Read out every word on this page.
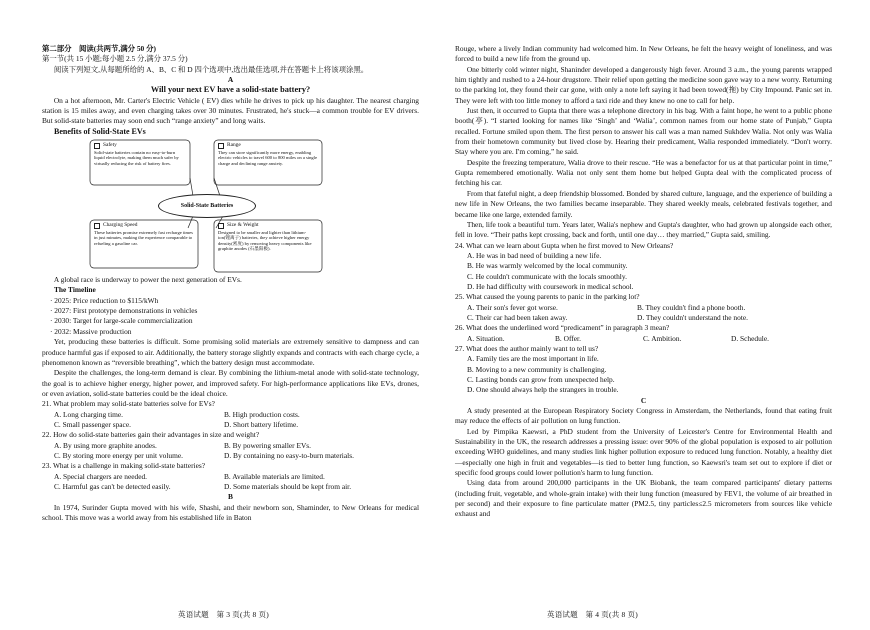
第二部分　阅读(共两节,满分 50 分)

第一节(共 15 小题;每小题 2.5 分,满分 37.5 分)

阅读下列短文,从每题所给的 A、B、C 和 D 四个选项中,选出最佳选项,并在答题卡上将该项涂黑。

A

Will your next EV have a solid-state battery?

On a hot afternoon, Mr. Carter's Electric Vehicle ( EV) dies while he drives to pick up his daughter. The nearest charging station is 15 miles away, and even charging takes over 30 minutes. Frustrated, he's stuck—a common trouble for EV drivers. But solid-state batteries may soon end such “range anxiety” and long waits.

Benefits of Solid-State EVs

Safety
Solid-state batteries contain no easy-to-burn liquid electrolyte, making them much safer by virtually reducing the risk of battery fires.
Range
They can store significantly more energy, enabling electric vehicles to travel 600 to 800 miles on a single charge and declining range anxiety.
Solid-State Batteries
Charging Speed
These batteries promise extremely fast recharge times in just minutes, making the experience comparable to refueling a gasoline car.
Size & Weight
Designed to be smaller and lighter than lithium-ion(锂离子) batteries, they achieve higher energy density(密度) by removing heavy components like graphite anodes (石墨阳极).

A global race is underway to power the next generation of EVs.

The Timeline

· 2025: Price reduction to $115/kWh

· 2027: First prototype demonstrations in vehicles

· 2030: Target for large-scale commercialization

· 2032: Massive production

Yet, producing these batteries is difficult. Some promising solid materials are extremely sensitive to dampness and can produce harmful gas if exposed to air. Additionally, the battery storage slightly expands and contracts with each charge cycle, a phenomenon known as “reversible breathing”, which the battery design must accommodate.

Despite the challenges, the long-term demand is clear. By combining the lithium-metal anode with solid-state technology, the goal is to achieve higher energy, higher power, and improved safety. For high-performance applications like EVs, drones, or even aviation, solid-state batteries could be the ideal choice.

21. What problem may solid-state batteries solve for EVs?

A. Long charging time.	B. High production costs.
C. Small passenger space.	D. Short battery lifetime.

22. How do solid-state batteries gain their advantages in size and weight?

A. By using more graphite anodes.	B. By powering smaller EVs.
C. By storing more energy per unit volume.	D. By containing no easy-to-burn materials.

23. What is a challenge in making solid-state batteries?

A. Special chargers are needed.	B. Available materials are limited.
C. Harmful gas can't be detected easily.	D. Some materials should be kept from air.

B

In 1974, Surinder Gupta moved with his wife, Shashi, and their newborn son, Shaminder, to New Orleans for medical school. This move was a world away from his established life in Baton

英语试题　第 3 页(共 8 页)

Rouge, where a lively Indian community had welcomed him. In New Orleans, he felt the heavy weight of loneliness, and was forced to build a new life from the ground up.

One bitterly cold winter night, Shaninder developed a dangerously high fever. Around 3 a.m., the young parents wrapped him tightly and rushed to a 24-hour drugstore. Their relief upon getting the medicine soon gave way to a new worry. Returning to the parking lot, they found their car gone, with only a note left saying it had been towed(拖) by City Impound. Panic set in. They were left with too little money to afford a taxi ride and they knew no one to call for help.

Just then, it occurred to Gupta that there was a telephone directory in his bag. With a faint hope, he went to a public phone booth(亭). “I started looking for names like ‘Singh’ and ‘Walia’, common names from our home state of Punjab,” Gupta recalled. Fortune smiled upon them. The first person to answer his call was a man named Sukhdev Walia. Not only was Walia from their hometown community but lived close by. Hearing their predicament, Walia responded immediately. “Don't worry. Stay where you are. I'm coming,” he said.

Despite the freezing temperature, Walia drove to their rescue. “He was a benefactor for us at that particular point in time,” Gupta remembered emotionally. Walia not only sent them home but helped Gupta deal with the complicated process of fetching his car.

From that fateful night, a deep friendship blossomed. Bonded by shared culture, language, and the experience of building a new life in New Orleans, the two families became inseparable. They shared weekly meals, celebrated festivals together, and became like one large, extended family.

Then, life took a beautiful turn. Years later, Walia's nephew and Gupta's daughter, who had grown up alongside each other, fell in love. “Their paths kept crossing, back and forth, until one day… they married,” Gupta said, smiling.

24. What can we learn about Gupta when he first moved to New Orleans?

A. He was in bad need of building a new life.

B. He was warmly welcomed by the local community.

C. He couldn't communicate with the locals smoothly.

D. He had difficulty with coursework in medical school.

25. What caused the young parents to panic in the parking lot?

A. Their son's fever got worse.	B. They couldn't find a phone booth.
C. Their car had been taken away.	D. They couldn't understand the note.

26. What does the underlined word “predicament” in paragraph 3 mean?

A. Situation.	B. Offer.	C. Ambition.	D. Schedule.

27. What does the author mainly want to tell us?

A. Family ties are the most important in life.

B. Moving to a new community is challenging.

C. Lasting bonds can grow from unexpected help.

D. One should always help the strangers in trouble.

C

A study presented at the European Respiratory Society Congress in Amsterdam, the Netherlands, found that eating fruit may reduce the effects of air pollution on lung function.

Led by Pimpika Kaewsri, a PhD student from the University of Leicester's Centre for Environmental Health and Sustainability in the UK, the research addresses a pressing issue: over 90% of the global population is exposed to air pollution exceeding WHO guidelines, and many studies link higher pollution exposure to reduced lung function. Notably, a healthy diet—especially one high in fruit and vegetables—is tied to better lung function, so Kaewsri's team set out to explore if diet or specific food groups could lower pollution's harm to lung function.

Using data from around 200,000 participants in the UK Biobank, the team compared participants' dietary patterns (including fruit, vegetable, and whole-grain intake) with their lung function (measured by FEV1, the volume of air breathed in per second) and their exposure to fine particulate matter (PM2.5, tiny particles≤2.5 micrometers from sources like vehicle exhaust and

英语试题　第 4 页(共 8 页)
